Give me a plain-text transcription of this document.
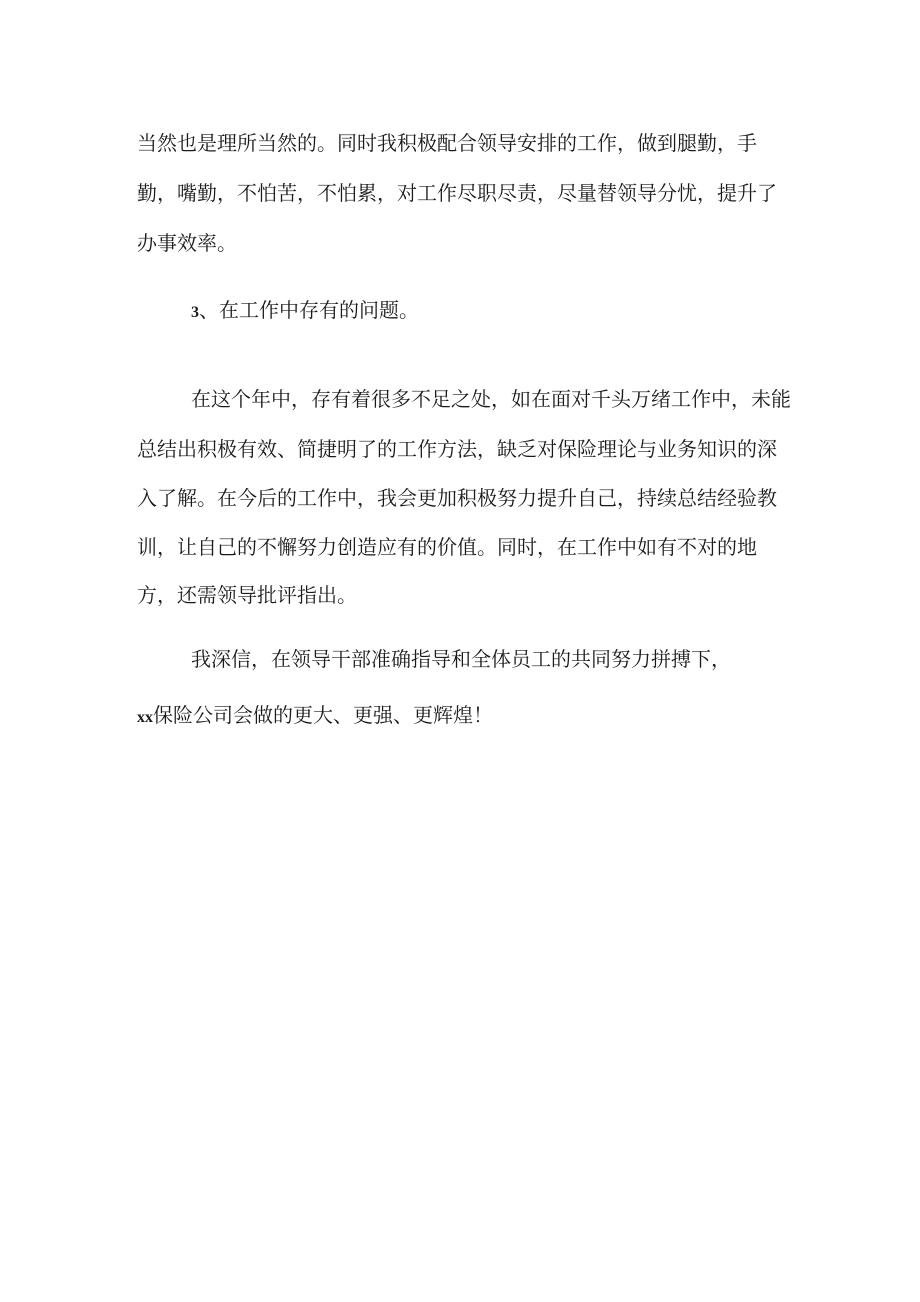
当然也是理所当然的。同时我积极配合领导安排的工作，做到腿勤，手
勤，嘴勤，不怕苦，不怕累，对工作尽职尽责，尽量替领导分忧，提升了
办事效率。
3、在工作中存有的问题。
在这个年中，存有着很多不足之处，如在面对千头万绪工作中，未能
总结出积极有效、简捷明了的工作方法，缺乏对保险理论与业务知识的深
入了解。在今后的工作中，我会更加积极努力提升自己，持续总结经验教
训，让自己的不懈努力创造应有的价值。同时，在工作中如有不对的地
方，还需领导批评指出。
我深信，在领导干部准确指导和全体员工的共同努力拼搏下，
xx保险公司会做的更大、更强、更辉煌！
